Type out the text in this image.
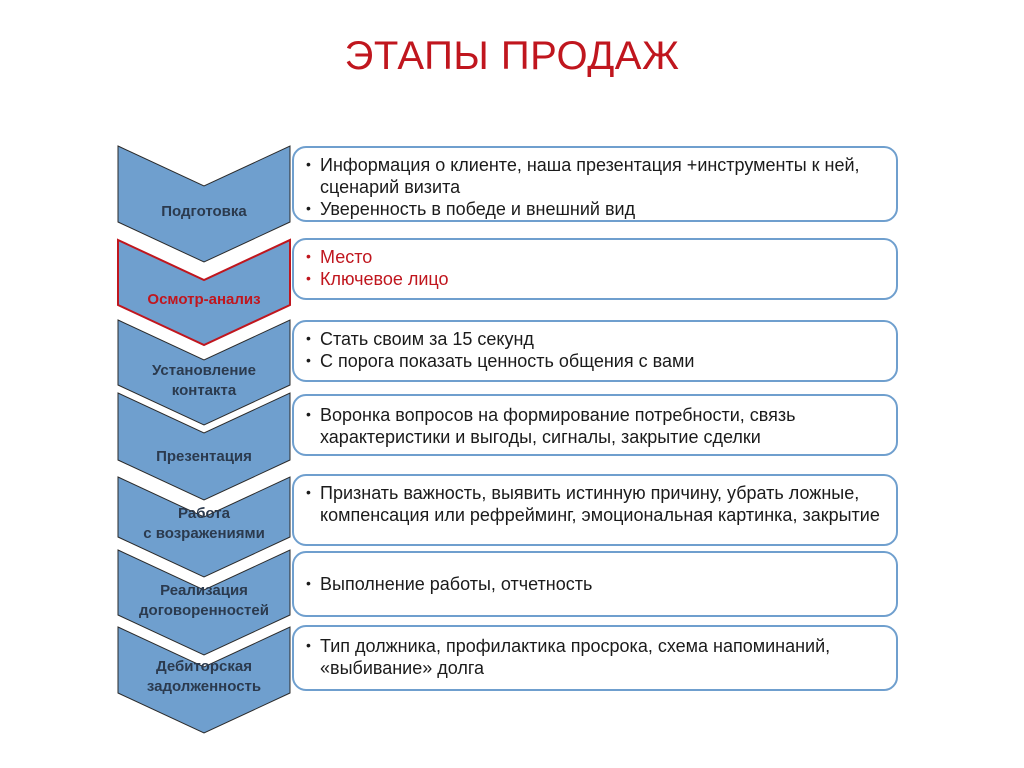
ЭТАПЫ ПРОДАЖ
Подготовка
Осмотр-анализ
Установление
контакта
Презентация
Работа
с возражениями
Реализация
договоренностей
Дебиторская
задолженность
• Информация о клиенте, наша презентация +инструменты к ней, сценарий визита
• Уверенность в победе и внешний вид
• Место
• Ключевое лицо
• Стать своим за 15 секунд
• С порога показать ценность общения с вами
• Воронка вопросов на формирование потребности, связь характеристики и выгоды, сигналы, закрытие сделки
• Признать важность, выявить истинную причину, убрать ложные, компенсация или рефрейминг, эмоциональная картинка, закрытие
• Выполнение работы, отчетность
• Тип должника, профилактика просрока, схема напоминаний, «выбивание» долга
